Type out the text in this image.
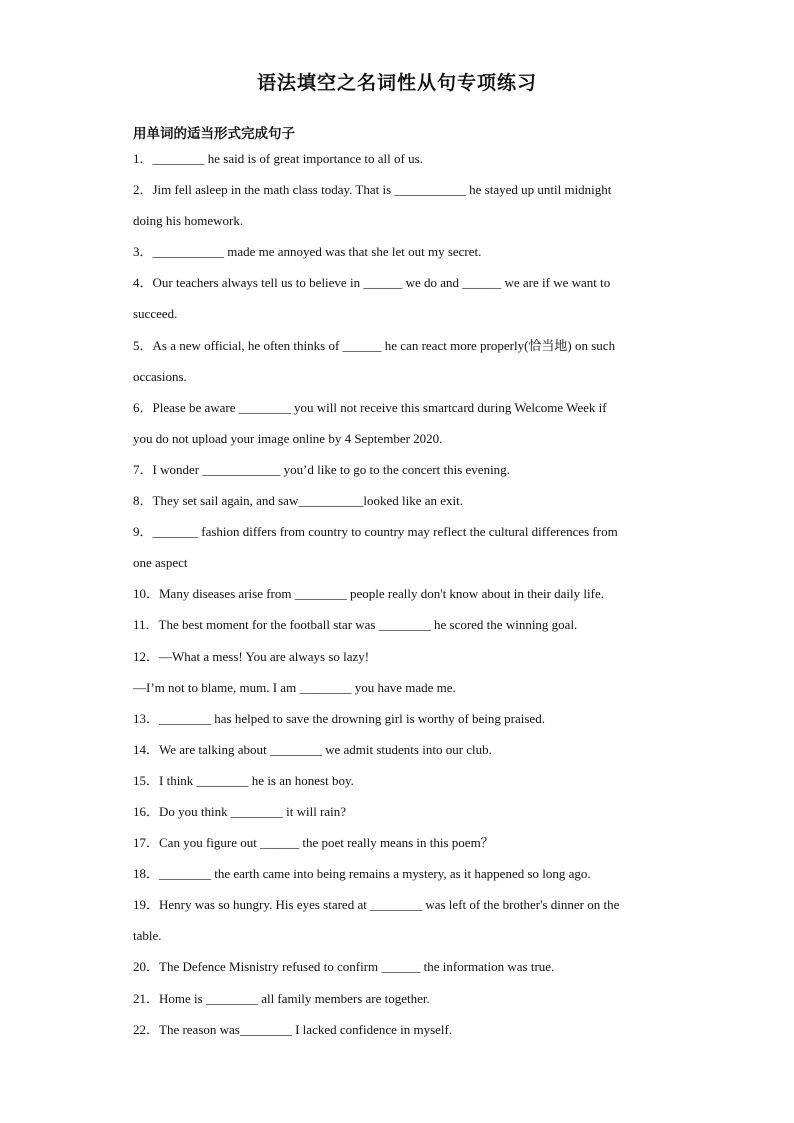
语法填空之名词性从句专项练习
用单词的适当形式完成句子
1．________ he said is of great importance to all of us.
2．Jim fell asleep in the math class today. That is ___________ he stayed up until midnight
doing his homework.
3．___________ made me annoyed was that she let out my secret.
4．Our teachers always tell us to believe in ______ we do and ______ we are if we want to
succeed.
5．As a new official, he often thinks of ______ he can react more properly(恰当地) on such
occasions.
6．Please be aware ________ you will not receive this smartcard during Welcome Week if
you do not upload your image online by 4 September 2020.
7．I wonder ____________ you’d like to go to the concert this evening.
8．They set sail again, and saw__________looked like an exit.
9．_______ fashion differs from country to country may reflect the cultural differences from
one aspect
10．Many diseases arise from ________ people really don't know about in their daily life.
11．The best moment for the football star was ________ he scored the winning goal.
12．—What a mess! You are always so lazy!
—I’m not to blame, mum. I am ________ you have made me.
13．________ has helped to save the drowning girl is worthy of being praised.
14．We are talking about ________ we admit students into our club.
15．I think ________ he is an honest boy.
16．Do you think ________ it will rain?
17．Can you figure out ______ the poet really means in this poem？
18．________ the earth came into being remains a mystery, as it happened so long ago.
19．Henry was so hungry. His eyes stared at ________ was left of the brother's dinner on the
table.
20．The Defence Misnistry refused to confirm ______ the information was true.
21．Home is ________ all family members are together.
22．The reason was________ I lacked confidence in myself.
